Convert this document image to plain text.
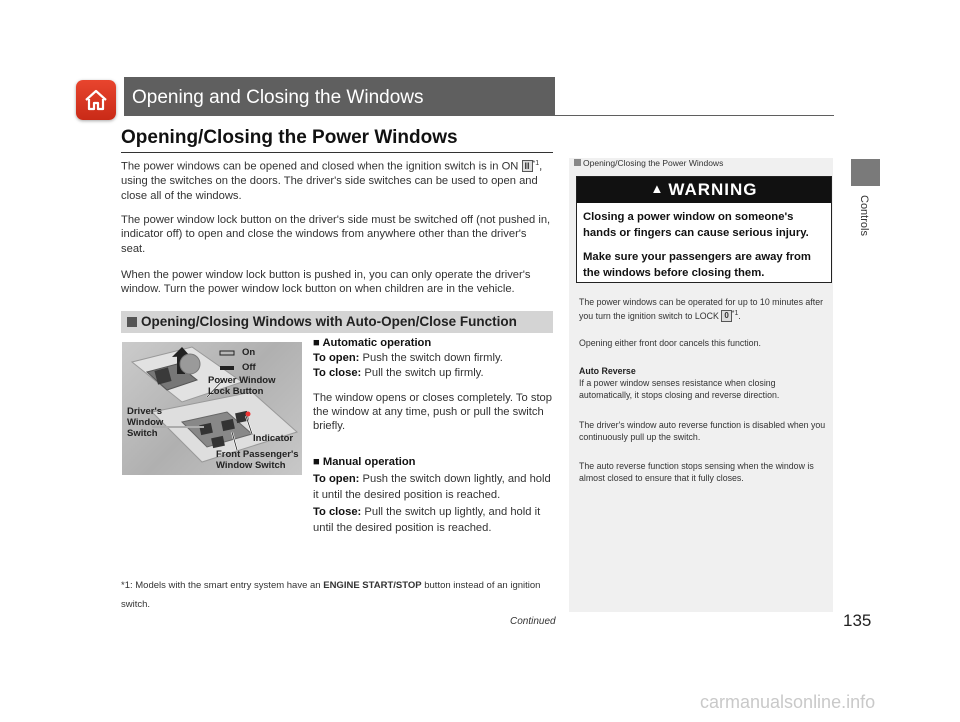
Opening and Closing the Windows
Opening/Closing the Power Windows
The power windows can be opened and closed when the ignition switch is in ON II $^{*1}$, using the switches on the doors. The driver's side switches can be used to open and close all of the windows.
The power window lock button on the driver's side must be switched off (not pushed in, indicator off) to open and close the windows from anywhere other than the driver's seat.
When the power window lock button is pushed in, you can only operate the driver's window. Turn the power window lock button on when children are in the vehicle.
Opening/Closing Windows with Auto-Open/Close Function
On
Off
Power Window
Lock Button
Driver's
Window
Switch	Indicator
Front Passenger's
Window Switch
■ Automatic operation
To open: Push the switch down firmly.
To close: Pull the switch up firmly.
The window opens or closes completely. To stop the window at any time, push or pull the switch briefly.
■ Manual operation
To open: Push the switch down lightly, and hold it until the desired position is reached.
To close: Pull the switch up lightly, and hold it until the desired position is reached.
*1: Models with the smart entry system have an ENGINE START/STOP button instead of an ignition switch.
Continued
Opening/Closing the Power Windows
▲ WARNING

Closing a power window on someone's hands or fingers can cause serious injury.

Make sure your passengers are away from the windows before closing them.

The power windows can be operated for up to 10 minutes after you turn the ignition switch to LOCK 0 $^{*1}$.
Opening either front door cancels this function.
Auto Reverse
If a power window senses resistance when closing automatically, it stops closing and reverse direction.
The driver's window auto reverse function is disabled when you continuously pull up the switch.
The auto reverse function stops sensing when the window is almost closed to ensure that it fully closes.
Controls
135
carmanualsonline.info
